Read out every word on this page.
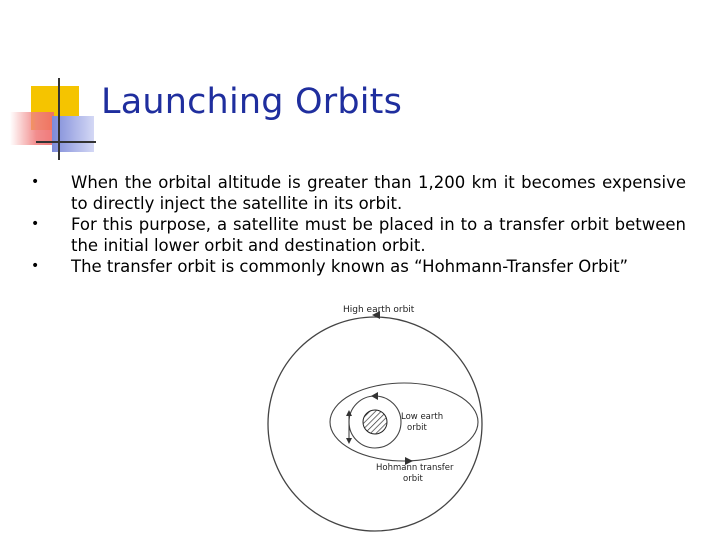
Launching Orbits
• When the orbital altitude is greater than 1,200 km it becomes expensive to directly inject the satellite in its orbit.
• For this purpose, a satellite must be placed in to a transfer orbit between the initial lower orbit and destination orbit.
• The transfer orbit is commonly known as “Hohmann-Transfer Orbit”
High earth orbit
Low earth
orbit
Hohmann transfer
orbit
